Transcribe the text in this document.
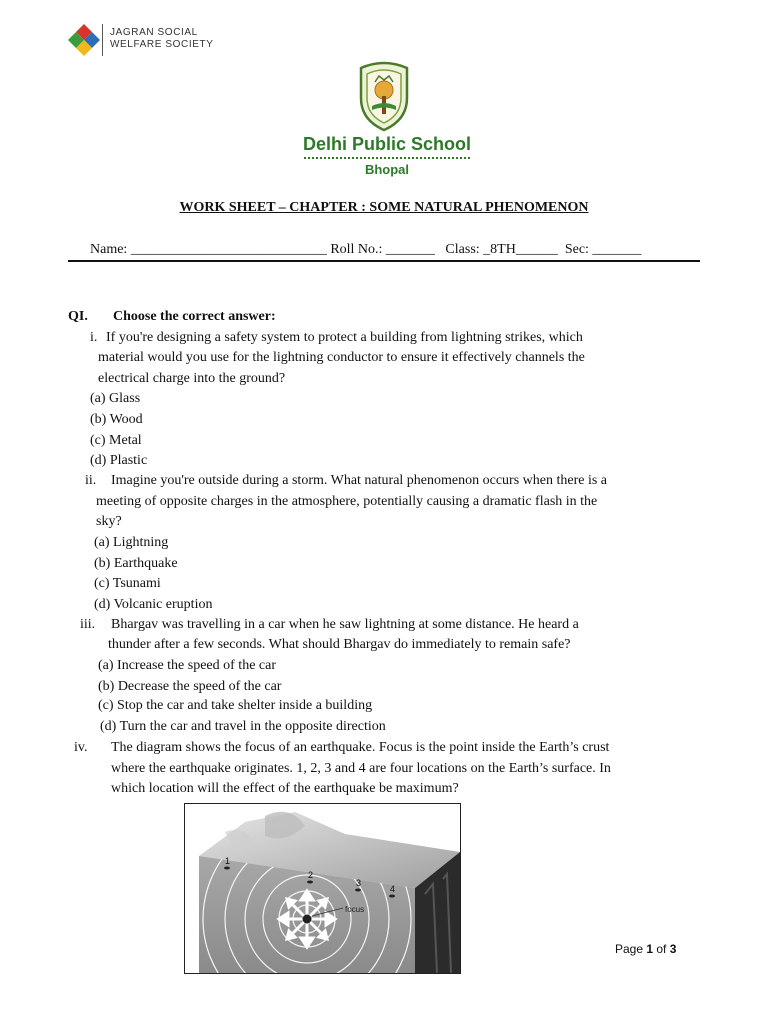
JAGRAN SOCIAL
WELFARE SOCIETY
Delhi Public School
Bhopal
WORK SHEET – CHAPTER : SOME NATURAL PHENOMENON
Name: ____________________________ Roll No.: _______   Class: _8TH______  Sec: _______
QI. Choose the correct answer:
i. If you're designing a safety system to protect a building from lightning strikes, which
material would you use for the lightning conductor to ensure it effectively channels the
electrical charge into the ground?
(a) Glass
(b) Wood
(c) Metal
(d) Plastic
ii. Imagine you're outside during a storm. What natural phenomenon occurs when there is a
meeting of opposite charges in the atmosphere, potentially causing a dramatic flash in the
sky?
(a) Lightning
(b) Earthquake
(c) Tsunami
(d) Volcanic eruption
iii. Bhargav was travelling in a car when he saw lightning at some distance. He heard a
thunder after a few seconds. What should Bhargav do immediately to remain safe?
(a) Increase the speed of the car
(b) Decrease the speed of the car
(c) Stop the car and take shelter inside a building
(d) Turn the car and travel in the opposite direction
iv. The diagram shows the focus of an earthquake. Focus is the point inside the Earth’s crust
where the earthquake originates. 1, 2, 3 and 4 are four locations on the Earth’s surface. In
which location will the effect of the earthquake be maximum?
focus
1
2
3
4
Page 1 of 3
